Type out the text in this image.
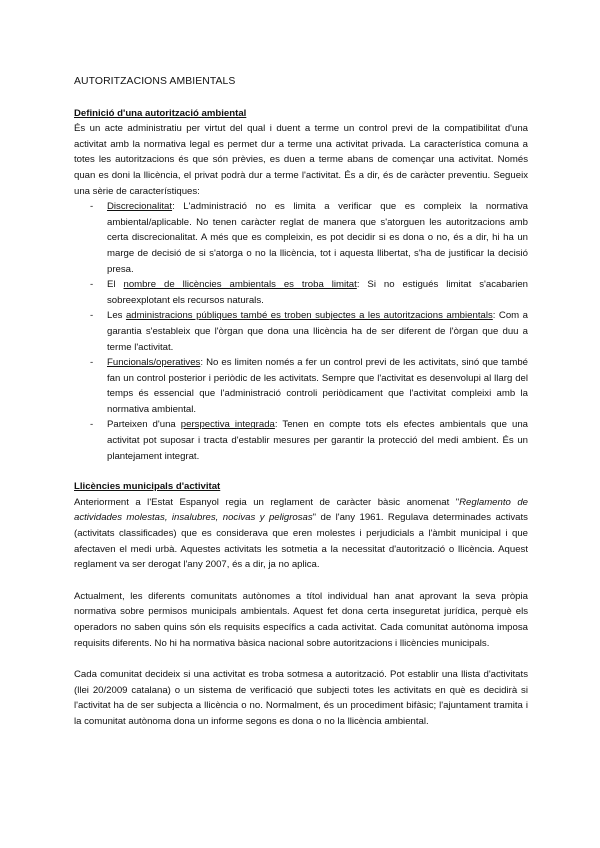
AUTORITZACIONS AMBIENTALS
Definició d'una autorització ambiental

És un acte administratiu per virtut del qual i duent a terme un control previ de la compatibilitat d'una activitat amb la normativa legal es permet dur a terme una activitat privada. La característica comuna a totes les autoritzacions és que són prèvies, es duen a terme abans de començar una activitat. Només quan es doni la llicència, el privat podrà dur a terme l'activitat. És a dir, és de caràcter preventiu. Segueix una sèrie de característiques:

- Discrecionalitat: L'administració no es limita a verificar que es compleix la normativa ambiental/aplicable. No tenen caràcter reglat de manera que s'atorguen les autoritzacions amb certa discrecionalitat. A més que es compleixin, es pot decidir si es dona o no, és a dir, hi ha un marge de decisió de si s'atorga o no la llicència, tot i aquesta llibertat, s'ha de justificar la decisió presa.
- El nombre de llicències ambientals es troba limitat: Si no estigués limitat s'acabarien sobreexplotant els recursos naturals.
- Les administracions públiques també es troben subjectes a les autoritzacions ambientals: Com a garantia s'estableix que l'òrgan que dona una llicència ha de ser diferent de l'òrgan que duu a terme l'activitat.
- Funcionals/operatives: No es limiten només a fer un control previ de les activitats, sinó que també fan un control posterior i periòdic de les activitats. Sempre que l'activitat es desenvolupi al llarg del temps és essencial que l'administració controli periòdicament que l'activitat compleixi amb la normativa ambiental.
- Parteixen d'una perspectiva integrada: Tenen en compte tots els efectes ambientals que una activitat pot suposar i tracta d'establir mesures per garantir la protecció del medi ambient. És un plantejament integrat.
Llicències municipals d'activitat

Anteriorment a l'Estat Espanyol regia un reglament de caràcter bàsic anomenat "Reglamento de actividades molestas, insalubres, nocivas y peligrosas" de l'any 1961. Regulava determinades activats (activitats classificades) que es considerava que eren molestes i perjudicials a l'àmbit municipal i que afectaven el medi urbà. Aquestes activitats les sotmetia a la necessitat d'autorització o llicència. Aquest reglament va ser derogat l'any 2007, és a dir, ja no aplica.

Actualment, les diferents comunitats autònomes a títol individual han anat aprovant la seva pròpia normativa sobre permisos municipals ambientals. Aquest fet dona certa inseguretat jurídica, perquè els operadors no saben quins són els requisits específics a cada activitat. Cada comunitat autònoma imposa requisits diferents. No hi ha normativa bàsica nacional sobre autoritzacions i llicències municipals.

Cada comunitat decideix si una activitat es troba sotmesa a autorització. Pot establir una llista d'activitats (llei 20/2009 catalana) o un sistema de verificació que subjecti totes les activitats en què es decidirà si l'activitat ha de ser subjecta a llicència o no. Normalment, és un procediment bifàsic; l'ajuntament tramita i la comunitat autònoma dona un informe segons es dona o no la llicència ambiental.
